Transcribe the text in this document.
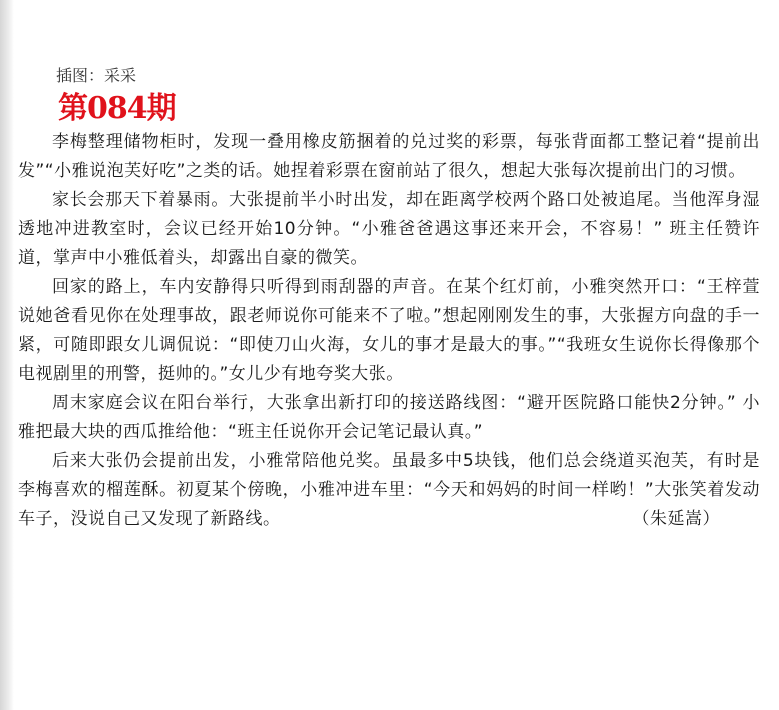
插图：采采
第084期

李梅整理储物柜时，发现一叠用橡皮筋捆着的兑过奖的彩票，每张背面都工整记着“提前出发”“小雅说泡芙好吃”之类的话。她捏着彩票在窗前站了很久，想起大张每次提前出门的习惯。

家长会那天下着暴雨。大张提前半小时出发，却在距离学校两个路口处被追尾。当他浑身湿透地冲进教室时，会议已经开始10分钟。“小雅爸爸遇这事还来开会，不容易！” 班主任赞许道，掌声中小雅低着头，却露出自豪的微笑。

回家的路上，车内安静得只听得到雨刮器的声音。在某个红灯前，小雅突然开口：“王梓萱说她爸看见你在处理事故，跟老师说你可能来不了啦。”想起刚刚发生的事，大张握方向盘的手一紧，可随即跟女儿调侃说：“即使刀山火海，女儿的事才是最大的事。”“我班女生说你长得像那个电视剧里的刑警，挺帅的。”女儿少有地夸奖大张。

周末家庭会议在阳台举行，大张拿出新打印的接送路线图：“避开医院路口能快2分钟。” 小雅把最大块的西瓜推给他：“班主任说你开会记笔记最认真。”

后来大张仍会提前出发，小雅常陪他兑奖。虽最多中5块钱，他们总会绕道买泡芙，有时是李梅喜欢的榴莲酥。初夏某个傍晚，小雅冲进车里：“今天和妈妈的时间一样哟！”大张笑着发动车子，没说自己又发现了新路线。	（朱延嵩）
